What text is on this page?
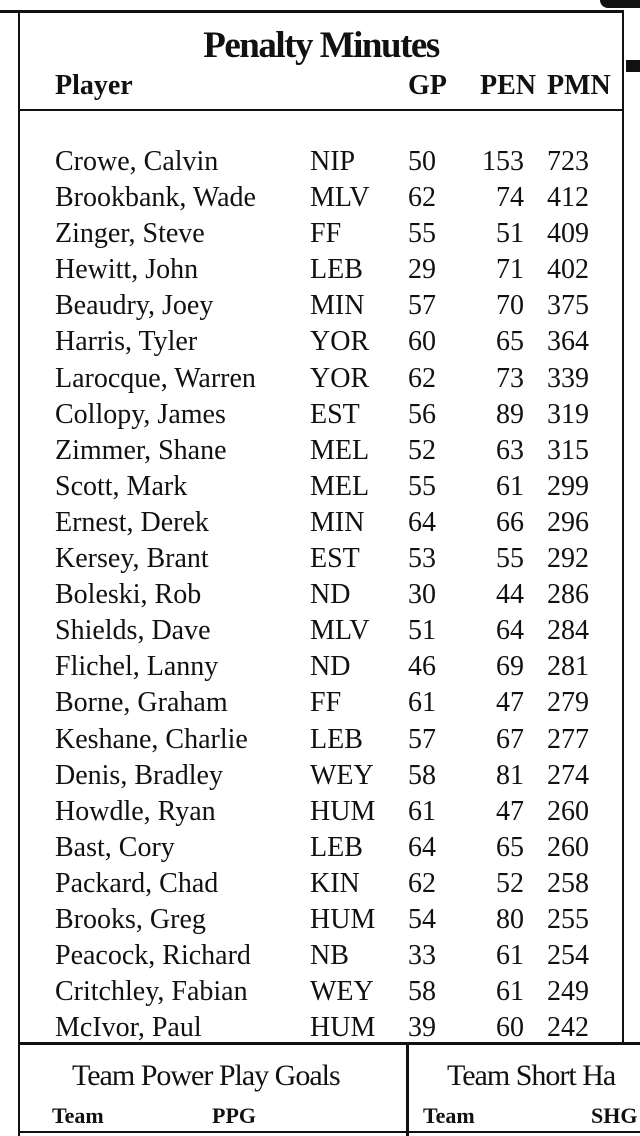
Penalty Minutes
Player	GP PEN PMN
Crowe, Calvin	NIP 50 153 723
Brookbank, Wade MLV 62	74 412
Zinger, Steve	FF 55	51 409
Hewitt, John	LEB 29	71 402
Beaudry, Joey	MIN 57	70 375
Harris, Tyler	YOR 60	65 364
Larocque, Warren YOR 62	73 339
Collopy, James	EST 56	89 319
Zimmer, Shane	MEL 52	63 315
Scott, Mark	MEL 55	61 299
Ernest, Derek	MIN 64	66 296
Kersey, Brant	EST 53	55 292
Boleski, Rob	ND 30	44 286
Shields, Dave	MLV 51	64 284
Flichel, Lanny	ND 46	69 281
Borne, Graham	FF 61	47 279
Keshane, Charlie LEB 57	67 277
Denis, Bradley	WEY 58	81 274
Howdle, Ryan	HUM 61	47 260
Bast, Cory	LEB 64	65 260
Packard, Chad	KIN 62	52 258
Brooks, Greg	HUM 54	80 255
Peacock, Richard NB 33	61 254
Critchley, Fabian WEY 58	61 249
McIvor, Paul	HUM 39	60 242
Team Power Play Goals
Team	PPG
Team Short Ha
Team	SHG
